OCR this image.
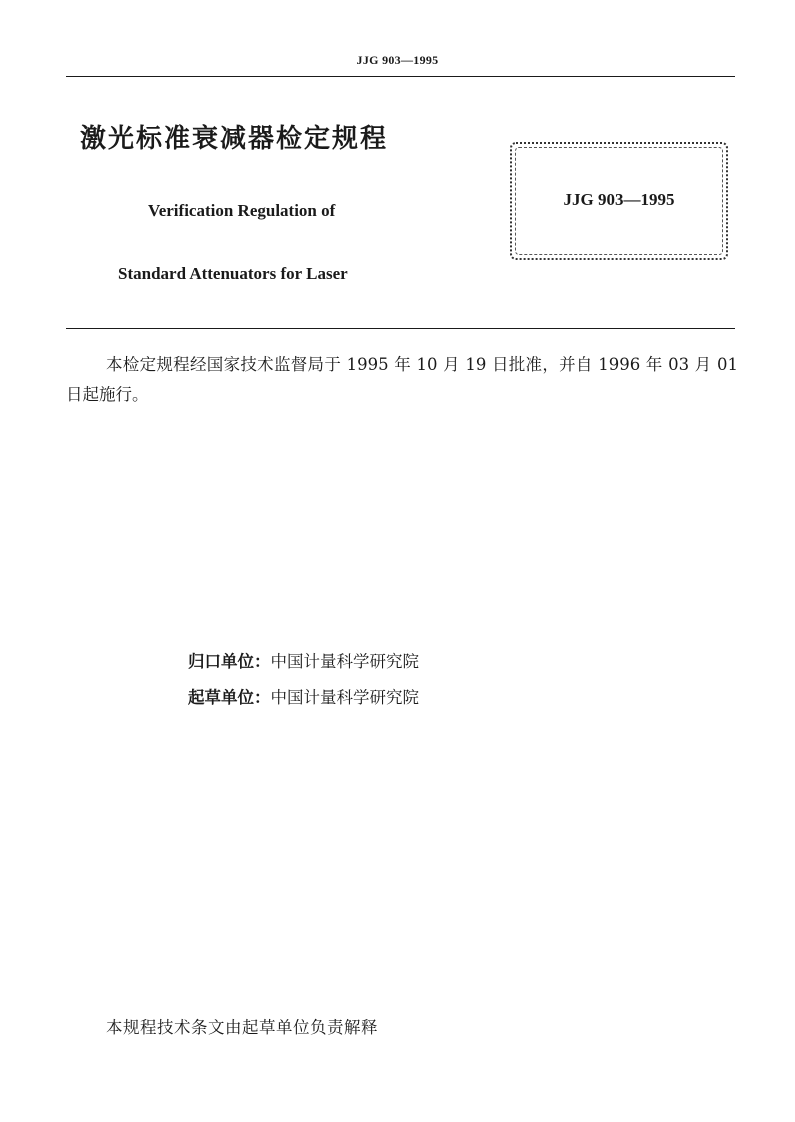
JJG 903—1995
激光标准衰减器检定规程
Verification Regulation of
Standard Attenuators for Laser
JJG 903—1995
本检定规程经国家技术监督局于 1995 年 10 月 19 日批准，并自 1996 年 03 月 01 日起施行。
归口单位：中国计量科学研究院
起草单位：中国计量科学研究院
本规程技术条文由起草单位负责解释
